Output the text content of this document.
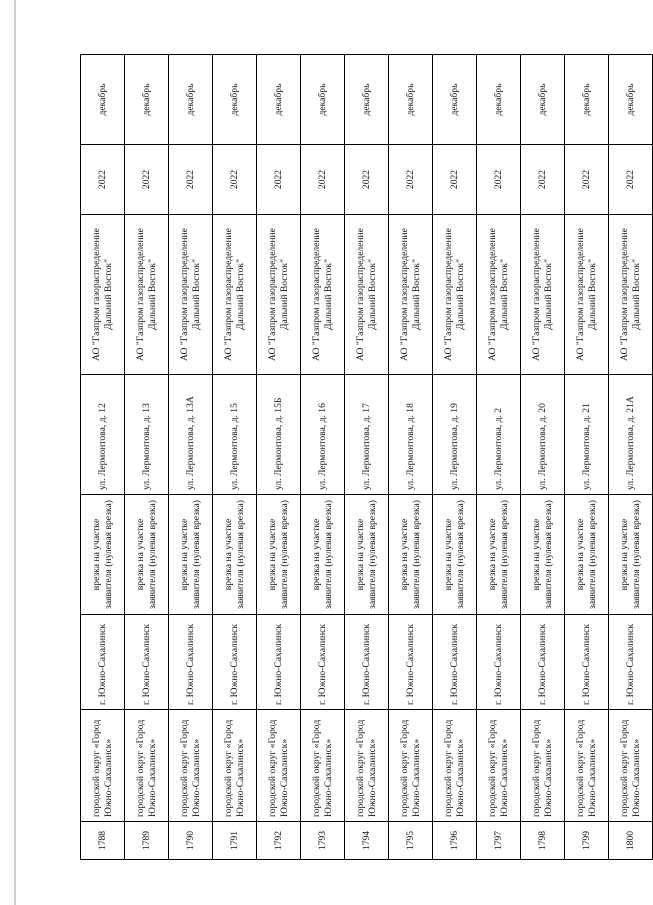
1788	городской округ «Город Южно-Сахалинск»	г. Южно-Сахалинск	врезка на участке заявителя (нулевая врезка)	ул. Лермонтова, д. 12	АО "Газпром газораспределение Дальний Восток"	2022	декабрь
1789	городской округ «Город Южно-Сахалинск»	г. Южно-Сахалинск	врезка на участке заявителя (нулевая врезка)	ул. Лермонтова, д. 13	АО "Газпром газораспределение Дальний Восток"	2022	декабрь
1790	городской округ «Город Южно-Сахалинск»	г. Южно-Сахалинск	врезка на участке заявителя (нулевая врезка)	ул. Лермонтова, д. 13А	АО "Газпром газораспределение Дальний Восток"	2022	декабрь
1791	городской округ «Город Южно-Сахалинск»	г. Южно-Сахалинск	врезка на участке заявителя (нулевая врезка)	ул. Лермонтова, д. 15	АО "Газпром газораспределение Дальний Восток"	2022	декабрь
1792	городской округ «Город Южно-Сахалинск»	г. Южно-Сахалинск	врезка на участке заявителя (нулевая врезка)	ул. Лермонтова, д. 15Б	АО "Газпром газораспределение Дальний Восток"	2022	декабрь
1793	городской округ «Город Южно-Сахалинск»	г. Южно-Сахалинск	врезка на участке заявителя (нулевая врезка)	ул. Лермонтова, д. 16	АО "Газпром газораспределение Дальний Восток"	2022	декабрь
1794	городской округ «Город Южно-Сахалинск»	г. Южно-Сахалинск	врезка на участке заявителя (нулевая врезка)	ул. Лермонтова, д. 17	АО "Газпром газораспределение Дальний Восток"	2022	декабрь
1795	городской округ «Город Южно-Сахалинск»	г. Южно-Сахалинск	врезка на участке заявителя (нулевая врезка)	ул. Лермонтова, д. 18	АО "Газпром газораспределение Дальний Восток"	2022	декабрь
1796	городской округ «Город Южно-Сахалинск»	г. Южно-Сахалинск	врезка на участке заявителя (нулевая врезка)	ул. Лермонтова, д. 19	АО "Газпром газораспределение Дальний Восток"	2022	декабрь
1797	городской округ «Город Южно-Сахалинск»	г. Южно-Сахалинск	врезка на участке заявителя (нулевая врезка)	ул. Лермонтова, д. 2	АО "Газпром газораспределение Дальний Восток"	2022	декабрь
1798	городской округ «Город Южно-Сахалинск»	г. Южно-Сахалинск	врезка на участке заявителя (нулевая врезка)	ул. Лермонтова, д. 20	АО "Газпром газораспределение Дальний Восток"	2022	декабрь
1799	городской округ «Город Южно-Сахалинск»	г. Южно-Сахалинск	врезка на участке заявителя (нулевая врезка)	ул. Лермонтова, д. 21	АО "Газпром газораспределение Дальний Восток"	2022	декабрь
1800	городской округ «Город Южно-Сахалинск»	г. Южно-Сахалинск	врезка на участке заявителя (нулевая врезка)	ул. Лермонтова, д. 21А	АО "Газпром газораспределение Дальний Восток"	2022	декабрь
